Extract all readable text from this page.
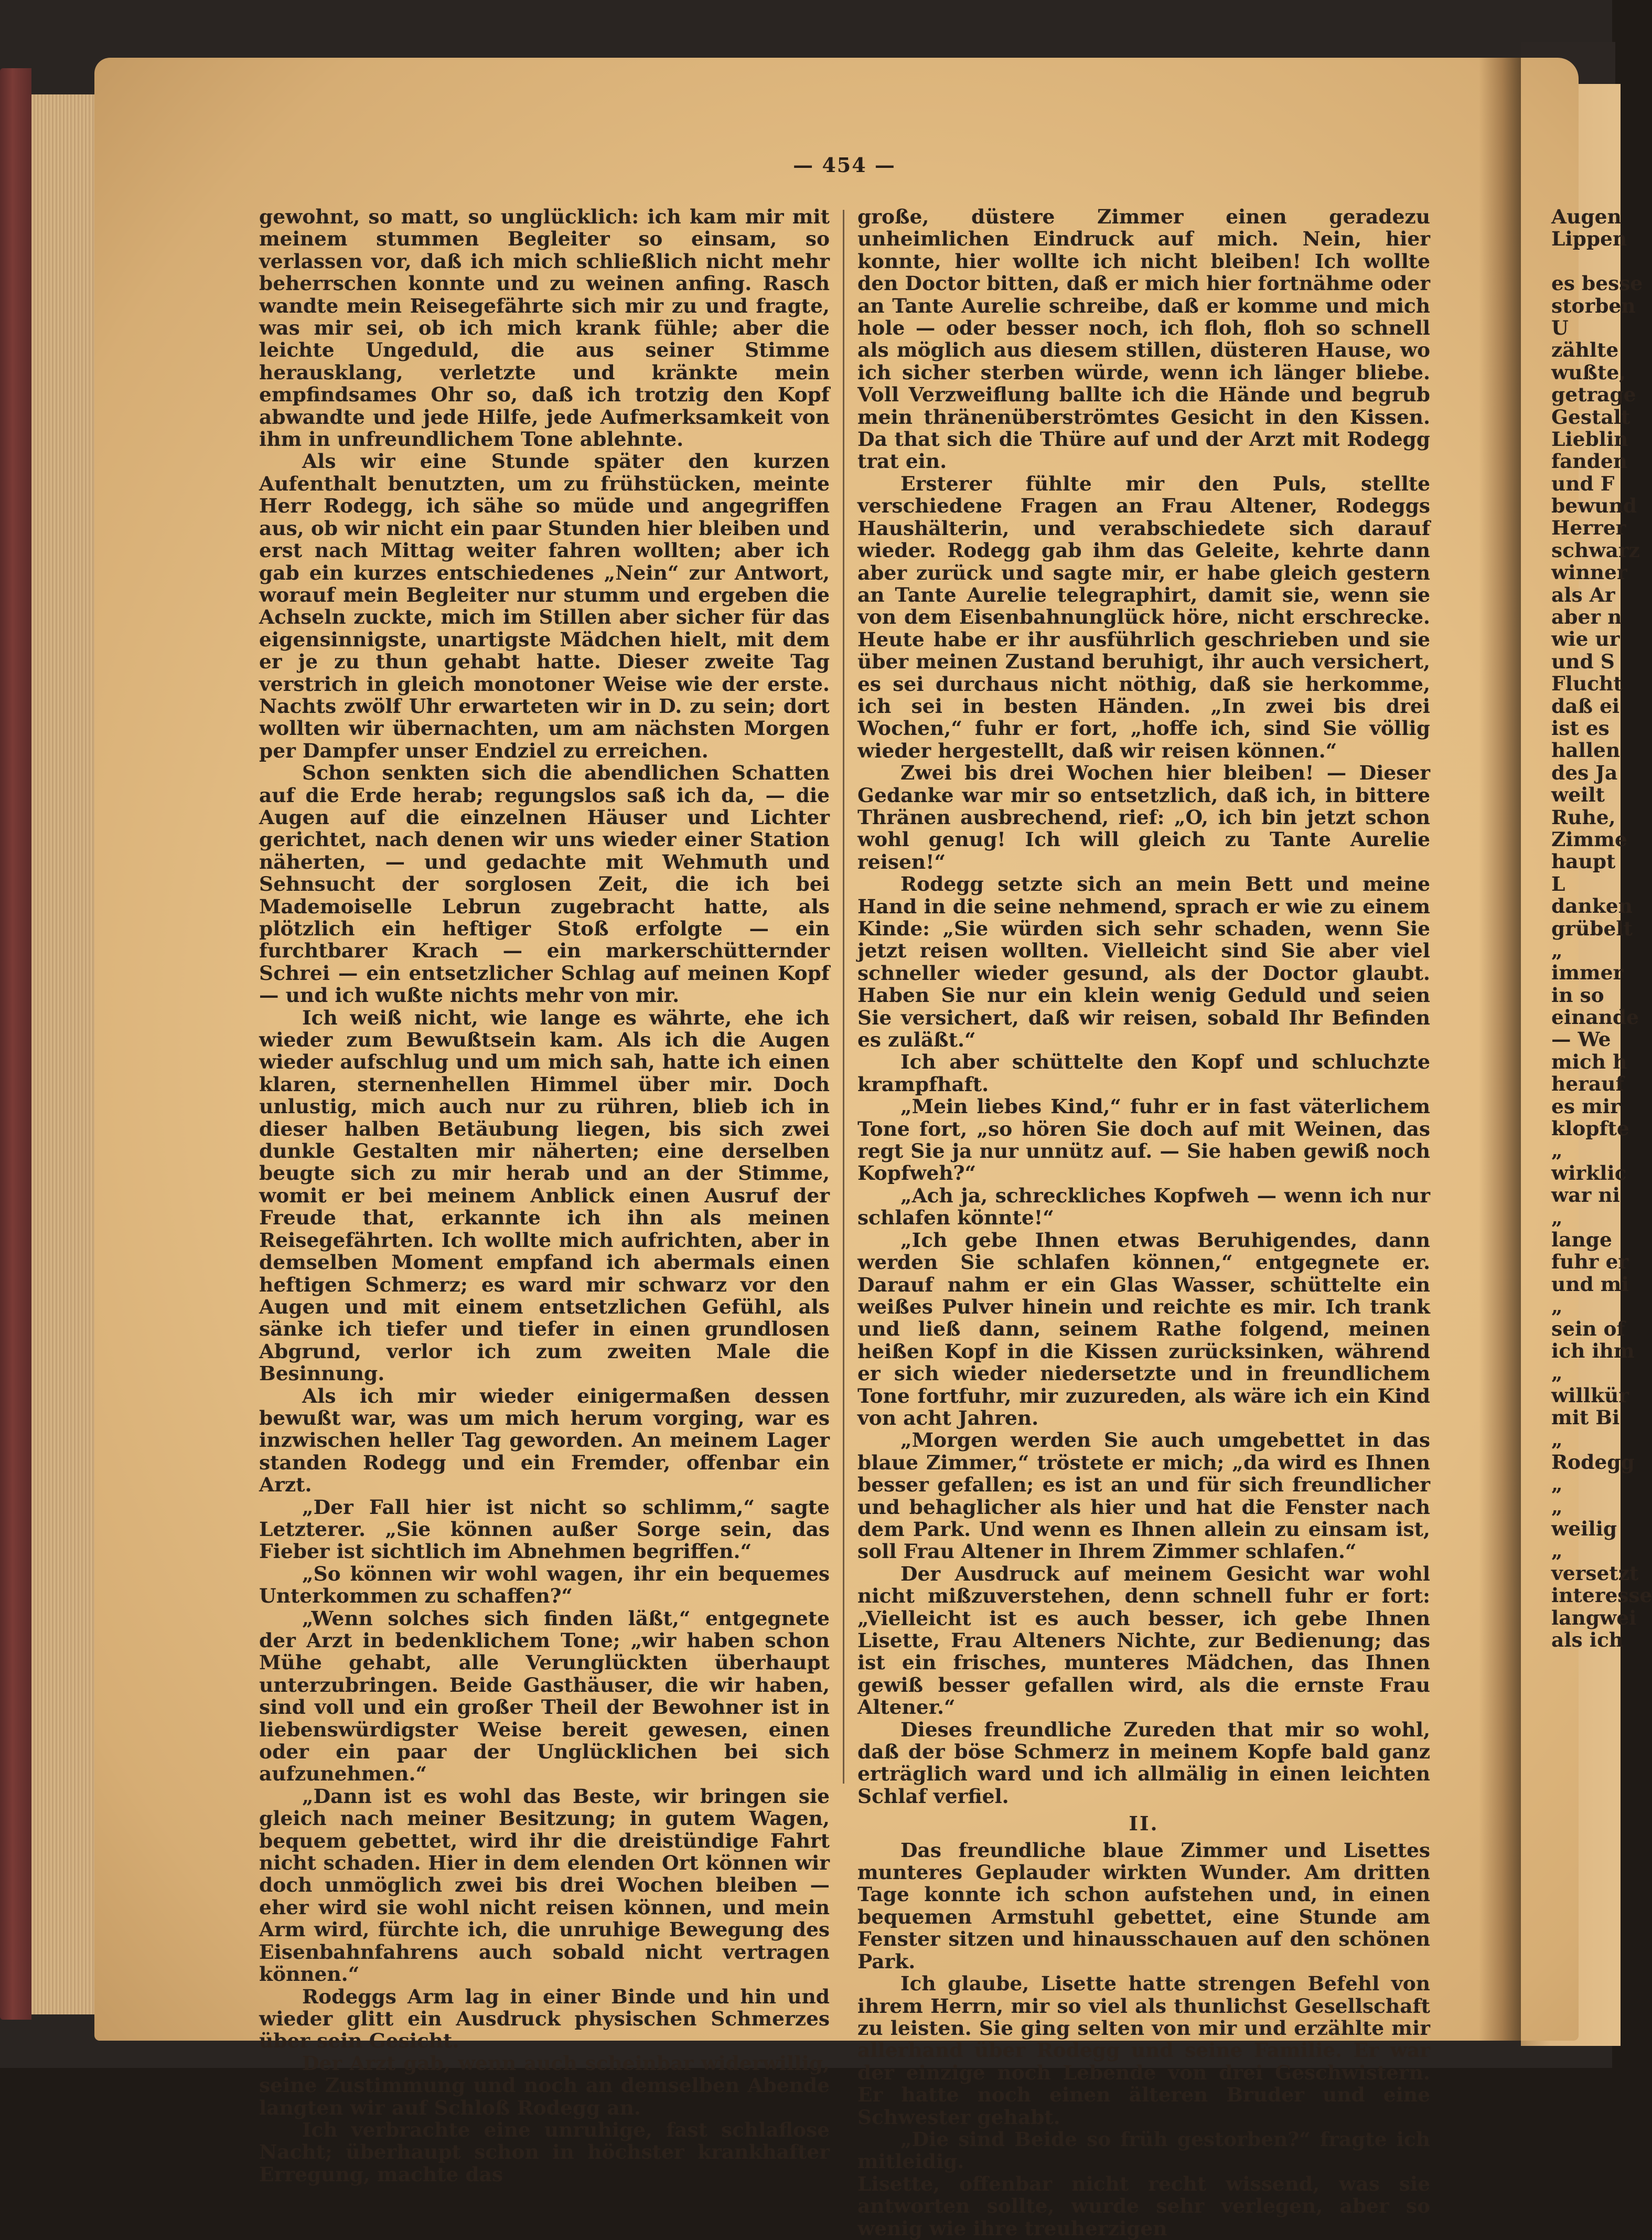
— 454 —

gewohnt, so matt, so unglücklich: ich kam mir mit meinem stummen Begleiter so einsam, so verlassen vor, daß ich mich schließlich nicht mehr beherrschen konnte und zu weinen anfing. Rasch wandte mein Reisegefährte sich mir zu und fragte, was mir sei, ob ich mich krank fühle; aber die leichte Ungeduld, die aus seiner Stimme herausklang, verletzte und kränkte mein empfindsames Ohr so, daß ich trotzig den Kopf abwandte und jede Hilfe, jede Aufmerksamkeit von ihm in unfreundlichem Tone ablehnte.

Als wir eine Stunde später den kurzen Aufenthalt benutzten, um zu frühstücken, meinte Herr Rodegg, ich sähe so müde und angegriffen aus, ob wir nicht ein paar Stunden hier bleiben und erst nach Mittag weiter fahren wollten; aber ich gab ein kurzes entschiedenes „Nein“ zur Antwort, worauf mein Begleiter nur stumm und ergeben die Achseln zuckte, mich im Stillen aber sicher für das eigensinnigste, unartigste Mädchen hielt, mit dem er je zu thun gehabt hatte. Dieser zweite Tag verstrich in gleich monotoner Weise wie der erste. Nachts zwölf Uhr erwarteten wir in D. zu sein; dort wollten wir übernachten, um am nächsten Morgen per Dampfer unser Endziel zu erreichen.

Schon senkten sich die abendlichen Schatten auf die Erde herab; regungslos saß ich da, — die Augen auf die einzelnen Häuser und Lichter gerichtet, nach denen wir uns wieder einer Station näherten, — und gedachte mit Wehmuth und Sehnsucht der sorglosen Zeit, die ich bei Mademoiselle Lebrun zugebracht hatte, als plötzlich ein heftiger Stoß erfolgte — ein furchtbarer Krach — ein markerschütternder Schrei — ein entsetzlicher Schlag auf meinen Kopf — und ich wußte nichts mehr von mir.

Ich weiß nicht, wie lange es währte, ehe ich wieder zum Bewußtsein kam. Als ich die Augen wieder aufschlug und um mich sah, hatte ich einen klaren, sternenhellen Himmel über mir. Doch unlustig, mich auch nur zu rühren, blieb ich in dieser halben Betäubung liegen, bis sich zwei dunkle Gestalten mir näherten; eine derselben beugte sich zu mir herab und an der Stimme, womit er bei meinem Anblick einen Ausruf der Freude that, erkannte ich ihn als meinen Reisegefährten. Ich wollte mich aufrichten, aber in demselben Moment empfand ich abermals einen heftigen Schmerz; es ward mir schwarz vor den Augen und mit einem entsetzlichen Gefühl, als sänke ich tiefer und tiefer in einen grundlosen Abgrund, verlor ich zum zweiten Male die Besinnung.

Als ich mir wieder einigermaßen dessen bewußt war, was um mich herum vorging, war es inzwischen heller Tag geworden. An meinem Lager standen Rodegg und ein Fremder, offenbar ein Arzt.

„Der Fall hier ist nicht so schlimm,“ sagte Letzterer. „Sie können außer Sorge sein, das Fieber ist sichtlich im Abnehmen begriffen.“

„So können wir wohl wagen, ihr ein bequemes Unterkommen zu schaffen?“

„Wenn solches sich finden läßt,“ entgegnete der Arzt in bedenklichem Tone; „wir haben schon Mühe gehabt, alle Verunglückten überhaupt unterzubringen. Beide Gasthäuser, die wir haben, sind voll und ein großer Theil der Bewohner ist in liebenswürdigster Weise bereit gewesen, einen oder ein paar der Unglücklichen bei sich aufzunehmen.“

„Dann ist es wohl das Beste, wir bringen sie gleich nach meiner Besitzung; in gutem Wagen, bequem gebettet, wird ihr die dreistündige Fahrt nicht schaden. Hier in dem elenden Ort können wir doch unmöglich zwei bis drei Wochen bleiben — eher wird sie wohl nicht reisen können, und mein Arm wird, fürchte ich, die unruhige Bewegung des Eisenbahnfahrens auch sobald nicht vertragen können.“

Rodeggs Arm lag in einer Binde und hin und wieder glitt ein Ausdruck physischen Schmerzes über sein Gesicht.

Der Arzt gab, wenn auch scheinbar widerwillig, seine Zustimmung und noch an demselben Abende langten wir auf Schloß Rodegg an.

Ich verbrachte eine unruhige, fast schlaflose Nacht; überhaupt schon in höchster krankhafter Erregung, machte das

große, düstere Zimmer einen geradezu unheimlichen Eindruck auf mich. Nein, hier konnte, hier wollte ich nicht bleiben! Ich wollte den Doctor bitten, daß er mich hier fortnähme oder an Tante Aurelie schreibe, daß er komme und mich hole — oder besser noch, ich floh, floh so schnell als möglich aus diesem stillen, düsteren Hause, wo ich sicher sterben würde, wenn ich länger bliebe. Voll Verzweiflung ballte ich die Hände und begrub mein thränenüberströmtes Gesicht in den Kissen. Da that sich die Thüre auf und der Arzt mit Rodegg trat ein.

Ersterer fühlte mir den Puls, stellte verschiedene Fragen an Frau Altener, Rodeggs Haushälterin, und verabschiedete sich darauf wieder. Rodegg gab ihm das Geleite, kehrte dann aber zurück und sagte mir, er habe gleich gestern an Tante Aurelie telegraphirt, damit sie, wenn sie von dem Eisenbahnunglück höre, nicht erschrecke. Heute habe er ihr ausführlich geschrieben und sie über meinen Zustand beruhigt, ihr auch versichert, es sei durchaus nicht nöthig, daß sie herkomme, ich sei in besten Händen. „In zwei bis drei Wochen,“ fuhr er fort, „hoffe ich, sind Sie völlig wieder hergestellt, daß wir reisen können.“

Zwei bis drei Wochen hier bleiben! — Dieser Gedanke war mir so entsetzlich, daß ich, in bittere Thränen ausbrechend, rief: „O, ich bin jetzt schon wohl genug! Ich will gleich zu Tante Aurelie reisen!“

Rodegg setzte sich an mein Bett und meine Hand in die seine nehmend, sprach er wie zu einem Kinde: „Sie würden sich sehr schaden, wenn Sie jetzt reisen wollten. Vielleicht sind Sie aber viel schneller wieder gesund, als der Doctor glaubt. Haben Sie nur ein klein wenig Geduld und seien Sie versichert, daß wir reisen, sobald Ihr Befinden es zuläßt.“

Ich aber schüttelte den Kopf und schluchzte krampfhaft.

„Mein liebes Kind,“ fuhr er in fast väterlichem Tone fort, „so hören Sie doch auf mit Weinen, das regt Sie ja nur unnütz auf. — Sie haben gewiß noch Kopfweh?“

„Ach ja, schreckliches Kopfweh — wenn ich nur schlafen könnte!“

„Ich gebe Ihnen etwas Beruhigendes, dann werden Sie schlafen können,“ entgegnete er. Darauf nahm er ein Glas Wasser, schüttelte ein weißes Pulver hinein und reichte es mir. Ich trank und ließ dann, seinem Rathe folgend, meinen heißen Kopf in die Kissen zurücksinken, während er sich wieder niedersetzte und in freundlichem Tone fortfuhr, mir zuzureden, als wäre ich ein Kind von acht Jahren.

„Morgen werden Sie auch umgebettet in das blaue Zimmer,“ tröstete er mich; „da wird es Ihnen besser gefallen; es ist an und für sich freundlicher und behaglicher als hier und hat die Fenster nach dem Park. Und wenn es Ihnen allein zu einsam ist, soll Frau Altener in Ihrem Zimmer schlafen.“

Der Ausdruck auf meinem Gesicht war wohl nicht mißzuverstehen, denn schnell fuhr er fort: „Vielleicht ist es auch besser, ich gebe Ihnen Lisette, Frau Alteners Nichte, zur Bedienung; das ist ein frisches, munteres Mädchen, das Ihnen gewiß besser gefallen wird, als die ernste Frau Altener.“

Dieses freundliche Zureden that mir so wohl, daß der böse Schmerz in meinem Kopfe bald ganz erträglich ward und ich allmälig in einen leichten Schlaf verfiel.

II.

Das freundliche blaue Zimmer und Lisettes munteres Geplauder wirkten Wunder. Am dritten Tage konnte ich schon aufstehen und, in einen bequemen Armstuhl gebettet, eine Stunde am Fenster sitzen und hinausschauen auf den schönen Park.

Ich glaube, Lisette hatte strengen Befehl von ihrem Herrn, mir so viel als thunlichst Gesellschaft zu leisten. Sie ging selten von mir und erzählte mir allerhand über Rodegg und seine Familie. Er war der einzige noch Lebende von drei Geschwistern. Er hatte noch einen älteren Bruder und eine Schwester gehabt.

„Die sind Beide so früh gestorben?“ fragte ich mitleidig.

Lisette, offenbar nicht recht wissend, was sie antworten sollte, wurde sehr verlegen, aber so wenig wie ihre treuherzigen

Augen
Lippen
es besse
storben
U
zählte
wußte,
getrage
Gestalt
Lieblin
fanden
und F
bewund
Herrer
schwarz
winner
als Ar
aber n
wie ur
und S
Flucht
daß ei
ist es
hallen
des Ja
weilt
Ruhe,
Zimme
haupt
L
danken
grübelt
„
immer
in so
einande
— We
mich h
herauf
es mir
klopfte
„
wirklic
war ni
„
lange
fuhr er
und mi
„
sein of
ich ihm
„
willkür
mit Bi
„
Rodegg
„
„
weilig
„
versetzt
interesse
langwei
als ich
